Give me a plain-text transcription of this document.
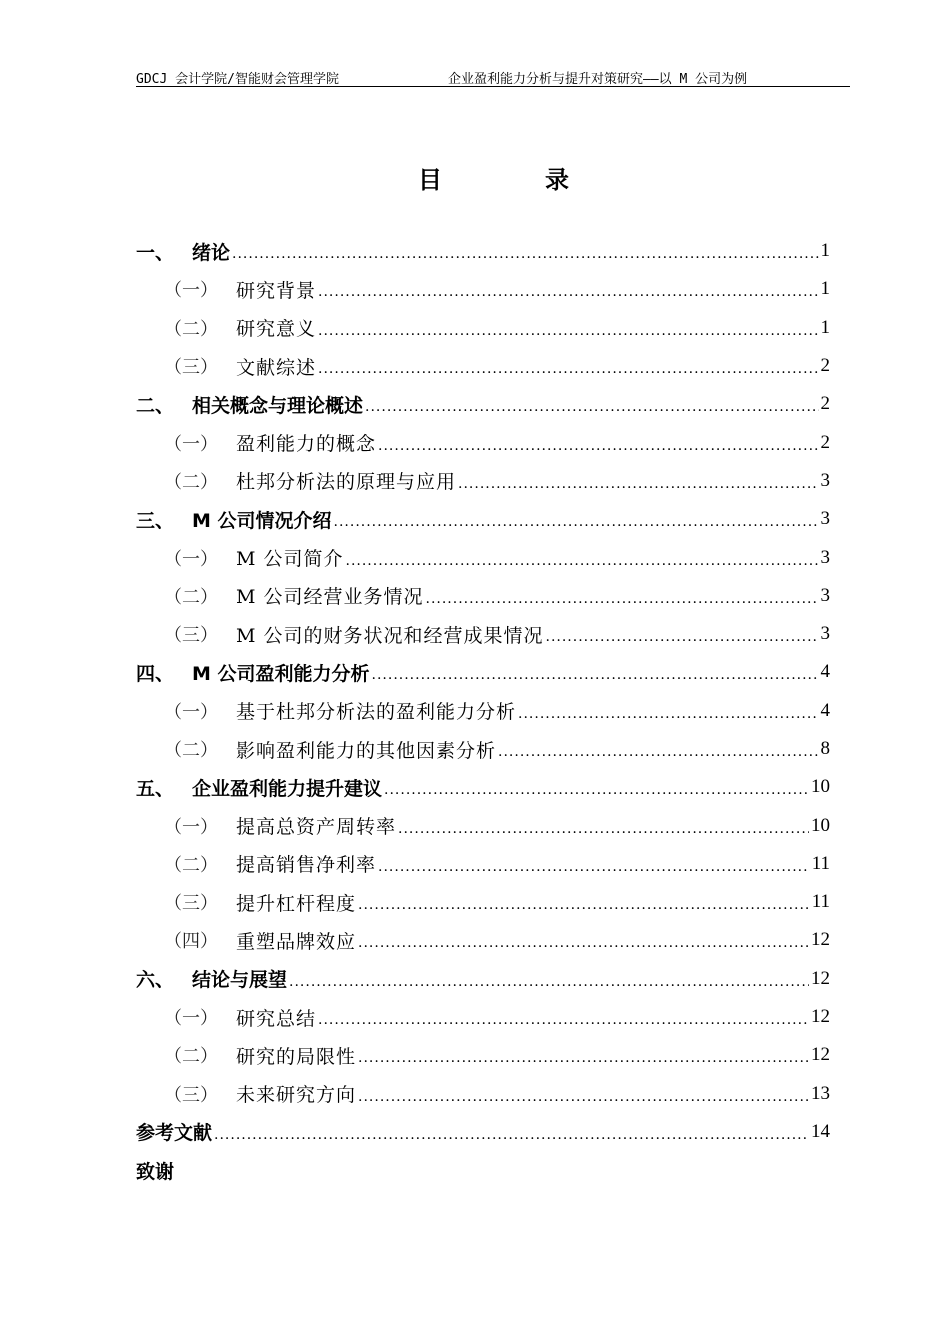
GDCJ 会计学院/智能财会管理学院	企业盈利能力分析与提升对策研究——以 M 公司为例
目	录
一、 绪论 .....	1
（一） 研究背景 .....	1
（二） 研究意义 .....	1
（三） 文献综述 .....	2
二、 相关概念与理论概述 .....	2
（一） 盈利能力的概念 .....	2
（二） 杜邦分析法的原理与应用 .....	3
三、 M 公司情况介绍 .....	3
（一） M 公司简介 .....	3
（二） M 公司经营业务情况 .....	3
（三） M 公司的财务状况和经营成果情况 .....	3
四、 M 公司盈利能力分析 .....	4
（一） 基于杜邦分析法的盈利能力分析 .....	4
（二） 影响盈利能力的其他因素分析 .....	8
五、 企业盈利能力提升建议 .....	10
（一） 提高总资产周转率 .....	10
（二） 提高销售净利率 .....	11
（三） 提升杠杆程度 .....	11
（四） 重塑品牌效应 .....	12
六、 结论与展望 .....	12
（一） 研究总结 .....	12
（二） 研究的局限性 .....	12
（三） 未来研究方向 .....	13
参考文献 .....	14
致谢
